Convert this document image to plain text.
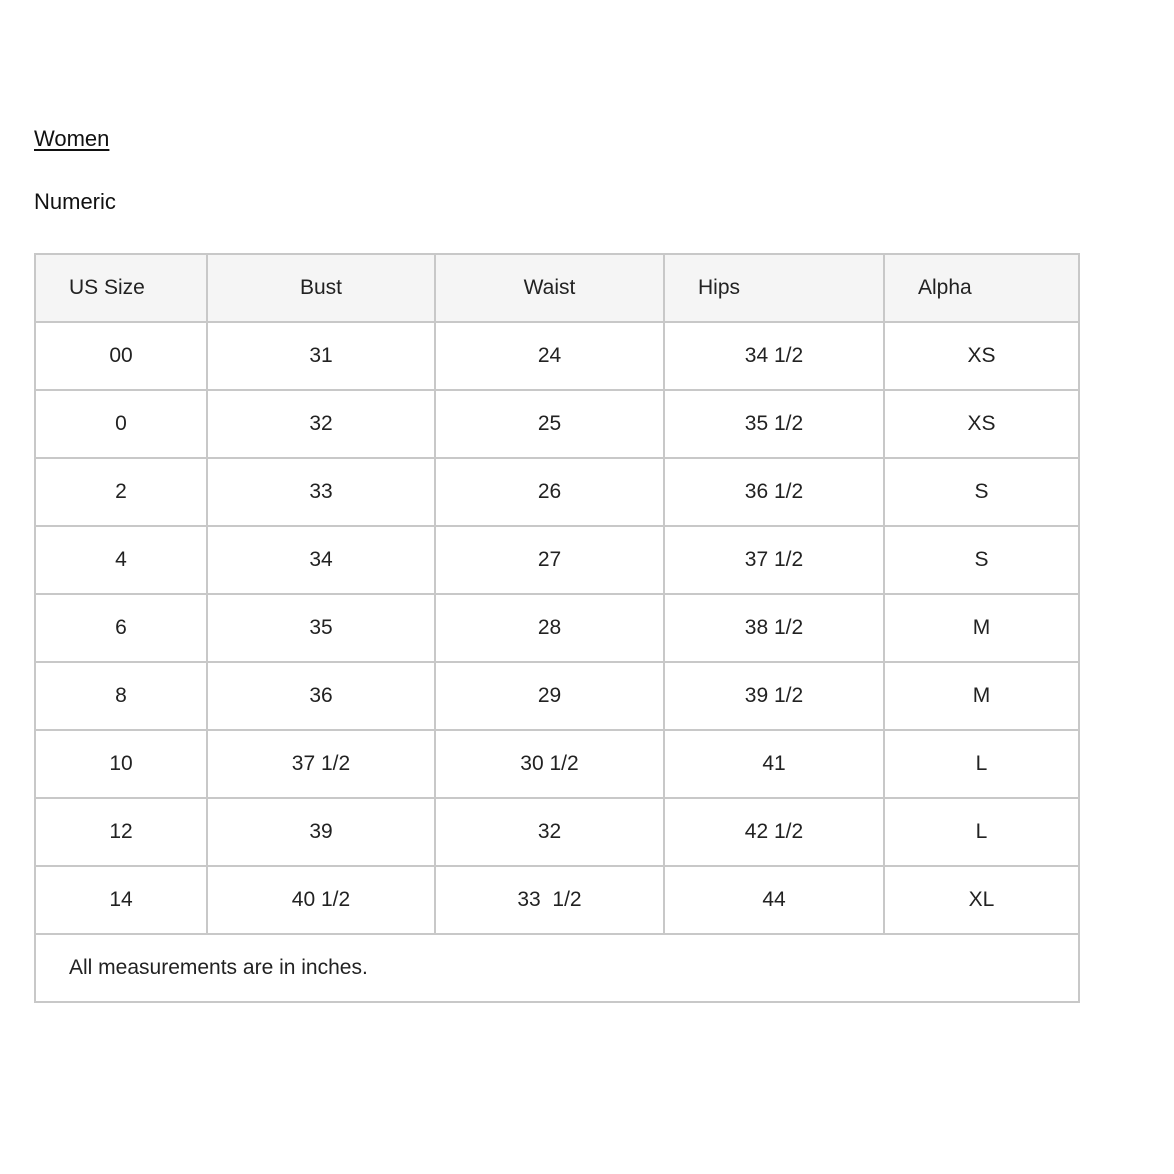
Women
Numeric
US Size	Bust	Waist	Hips	Alpha
00	31	24	34 1/2	XS
0	32	25	35 1/2	XS
2	33	26	36 1/2	S
4	34	27	37 1/2	S
6	35	28	38 1/2	M
8	36	29	39 1/2	M
10	37 1/2	30 1/2	41	L
12	39	32	42 1/2	L
14	40 1/2	33  1/2	44	XL
All measurements are in inches.				
